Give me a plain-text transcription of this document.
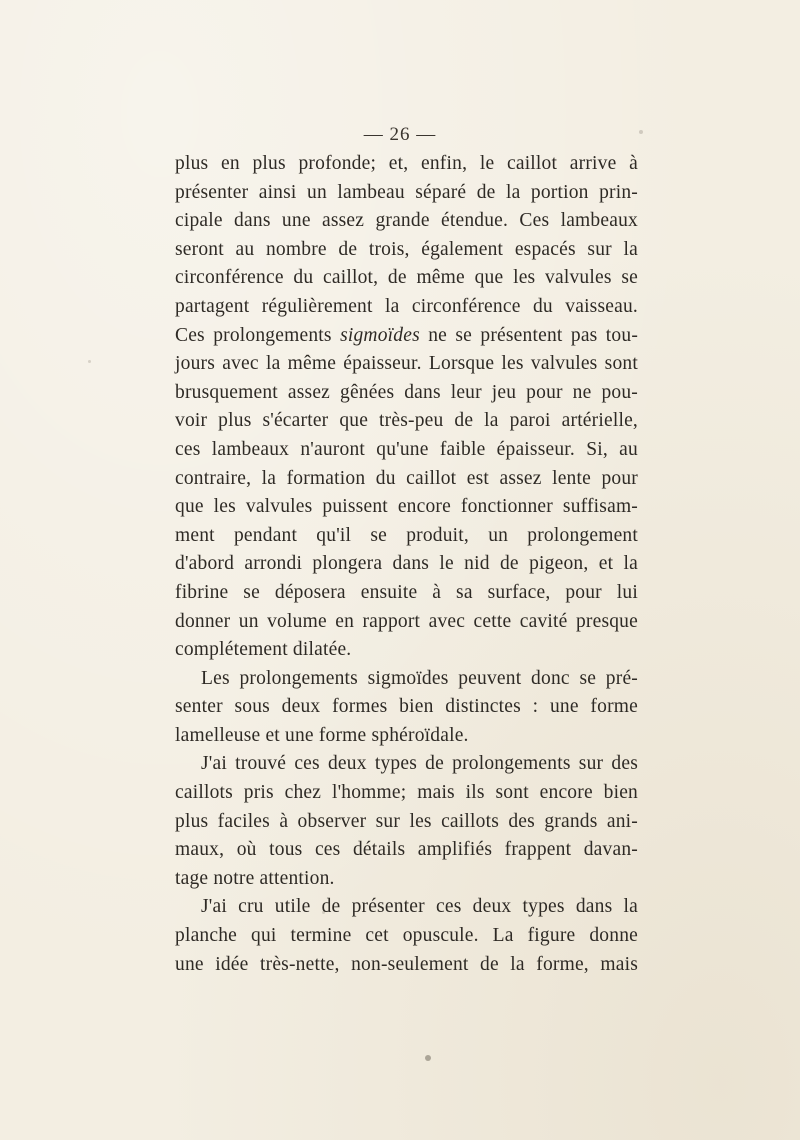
— 26 —
plus en plus profonde; et, enfin, le caillot arrive à
présenter ainsi un lambeau séparé de la portion prin-
cipale dans une assez grande étendue. Ces lambeaux
seront au nombre de trois, également espacés sur la
circonférence du caillot, de même que les valvules se
partagent régulièrement la circonférence du vaisseau.
Ces prolongements sigmoïdes ne se présentent pas tou-
jours avec la même épaisseur. Lorsque les valvules sont
brusquement assez gênées dans leur jeu pour ne pou-
voir plus s'écarter que très-peu de la paroi artérielle,
ces lambeaux n'auront qu'une faible épaisseur. Si, au
contraire, la formation du caillot est assez lente pour
que les valvules puissent encore fonctionner suffisam-
ment pendant qu'il se produit, un prolongement
d'abord arrondi plongera dans le nid de pigeon, et la
fibrine se déposera ensuite à sa surface, pour lui
donner un volume en rapport avec cette cavité presque
complétement dilatée.
Les prolongements sigmoïdes peuvent donc se pré-
senter sous deux formes bien distinctes : une forme
lamelleuse et une forme sphéroïdale.
J'ai trouvé ces deux types de prolongements sur des
caillots pris chez l'homme; mais ils sont encore bien
plus faciles à observer sur les caillots des grands ani-
maux, où tous ces détails amplifiés frappent davan-
tage notre attention.
J'ai cru utile de présenter ces deux types dans la
planche qui termine cet opuscule. La figure donne
une idée très-nette, non-seulement de la forme, mais
